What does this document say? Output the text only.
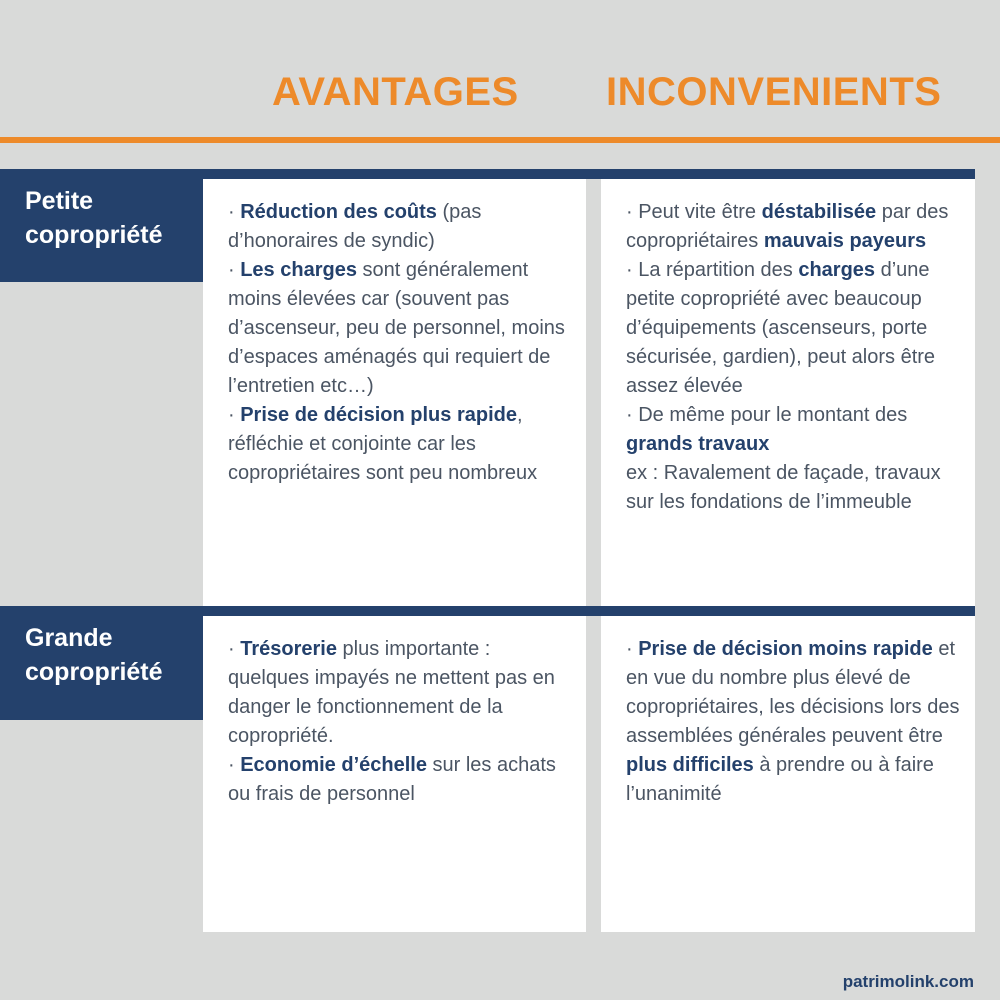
AVANTAGES INCONVENIENTS
Petite
copropriété
· Réduction des coûts (pas d’honoraires de syndic)
· Les charges sont généralement moins élevées car (souvent pas d’ascenseur, peu de personnel, moins d’espaces aménagés qui requiert de l’entretien etc…)
· Prise de décision plus rapide, réfléchie et conjointe car les copropriétaires sont peu nombreux
· Peut vite être déstabilisée par des copropriétaires mauvais payeurs
· La répartition des charges d’une petite copropriété avec beaucoup d’équipements (ascenseurs, porte sécurisée, gardien), peut alors être assez élevée
· De même pour le montant des grands travaux
ex : Ravalement de façade, travaux sur les fondations de l’immeuble
Grande
copropriété
· Trésorerie plus importante : quelques impayés ne mettent pas en danger le fonctionnement de la copropriété.
· Economie d’échelle sur les achats ou frais de personnel
· Prise de décision moins rapide et en vue du nombre plus élevé de copropriétaires, les décisions lors des assemblées générales peuvent être plus difficiles à prendre ou à faire l’unanimité
patrimolink.com
